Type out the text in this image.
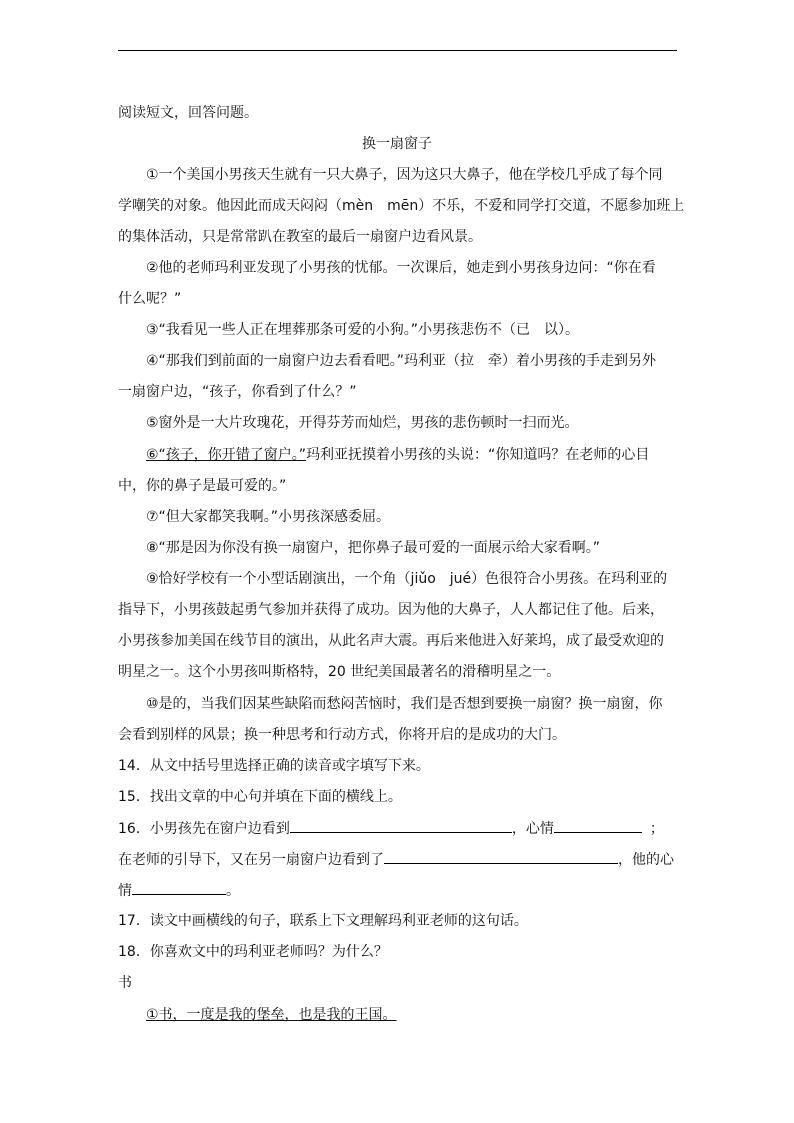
阅读短文，回答问题。
换一扇窗子
①一个美国小男孩天生就有一只大鼻子，因为这只大鼻子，他在学校几乎成了每个同
学嘲笑的对象。他因此而成天闷闷（mèn　mēn）不乐，不爱和同学打交道，不愿参加班上
的集体活动，只是常常趴在教室的最后一扇窗户边看风景。
②他的老师玛利亚发现了小男孩的忧郁。一次课后，她走到小男孩身边问：“你在看
什么呢？”
③“我看见一些人正在埋葬那条可爱的小狗。”小男孩悲伤不（已　以）。
④“那我们到前面的一扇窗户边去看看吧。”玛利亚（拉　牵）着小男孩的手走到另外
一扇窗户边，“孩子，你看到了什么？”
⑤窗外是一大片玫瑰花，开得芬芳而灿烂，男孩的悲伤顿时一扫而光。
⑥“孩子，你开错了窗户。”玛利亚抚摸着小男孩的头说：“你知道吗？在老师的心目
中，你的鼻子是最可爱的。”
⑦“但大家都笑我啊。”小男孩深感委屈。
⑧“那是因为你没有换一扇窗户，把你鼻子最可爱的一面展示给大家看啊。”
⑨恰好学校有一个小型话剧演出，一个角（jiǔo　jué）色很符合小男孩。在玛利亚的
指导下，小男孩鼓起勇气参加并获得了成功。因为他的大鼻子，人人都记住了他。后来，
小男孩参加美国在线节目的演出，从此名声大震。再后来他进入好莱坞，成了最受欢迎的
明星之一。这个小男孩叫斯格特，20 世纪美国最著名的滑稽明星之一。
⑩是的，当我们因某些缺陷而愁闷苦恼时，我们是否想到要换一扇窗？换一扇窗，你
会看到别样的风景；换一种思考和行动方式，你将开启的是成功的大门。
14．从文中括号里选择正确的读音或字填写下来。
15．找出文章的中心句并填在下面的横线上。
16．小男孩先在窗户边看到	，心情	；
在老师的引导下，又在另一扇窗户边看到了	，他的心
情	。
17．读文中画横线的句子，联系上下文理解玛利亚老师的这句话。
18．你喜欢文中的玛利亚老师吗？为什么？
书
①书，一度是我的堡垒，也是我的王国。
